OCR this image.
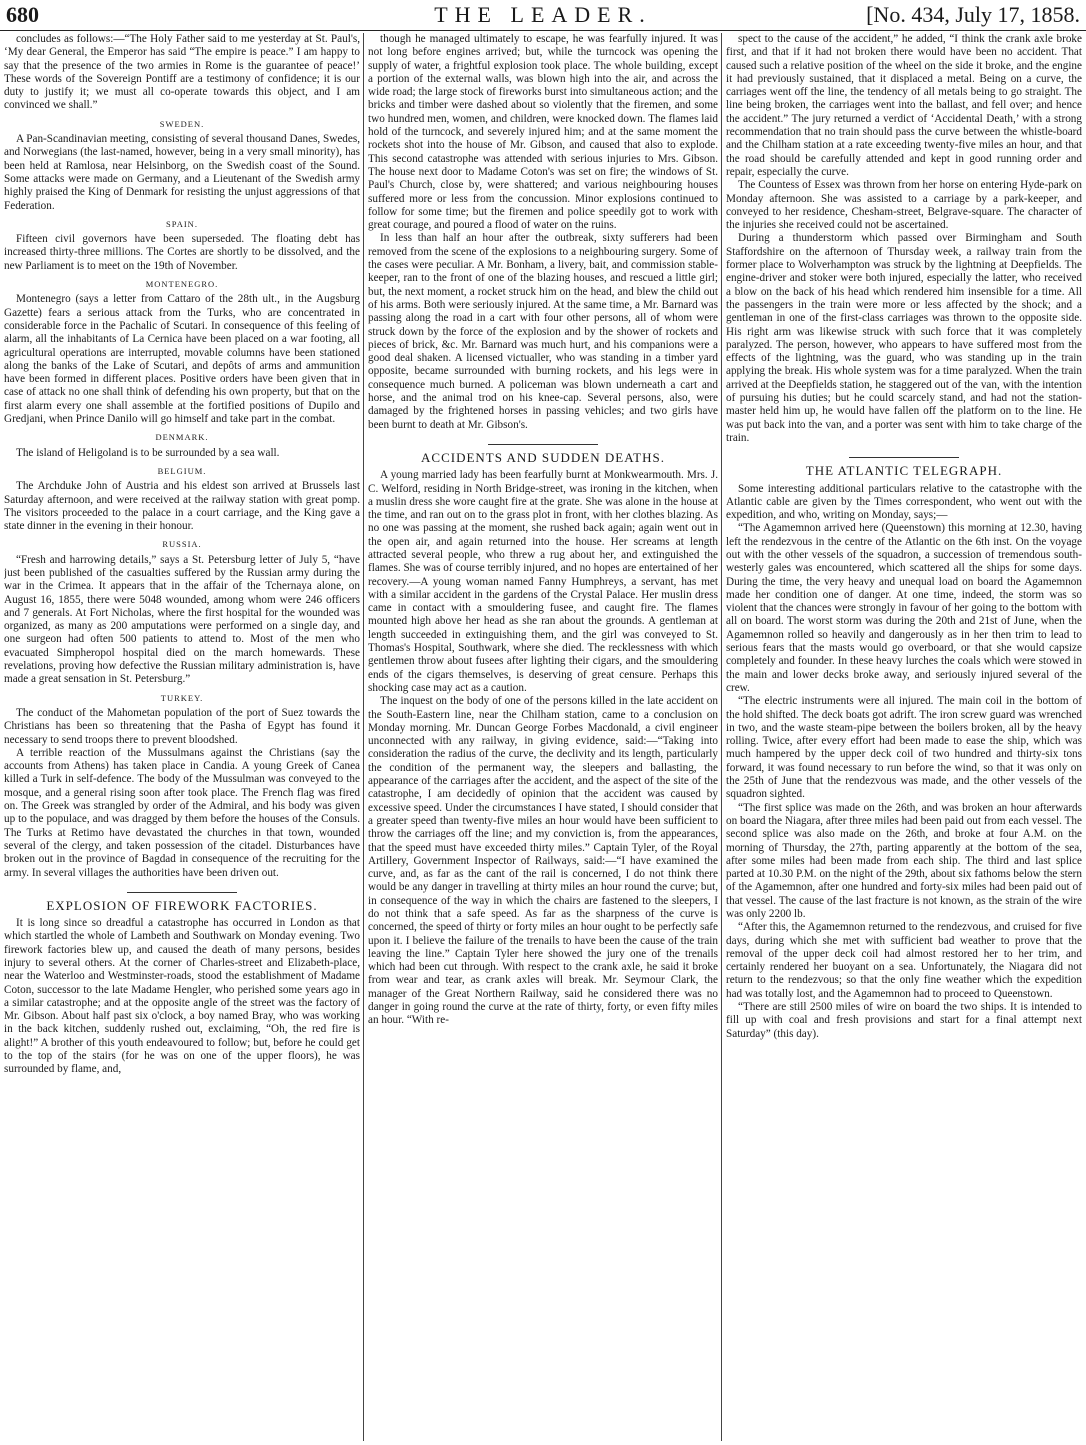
680	THE LEADER.	[No. 434, July 17, 1858.

concludes as follows:—“The Holy Father said to me yesterday at St. Paul's, ‘My dear General, the Emperor has said “The empire is peace.” I am happy to say that the presence of the two armies in Rome is the guarantee of peace!’ These words of the Sovereign Pontiff are a testimony of confidence; it is our duty to justify it; we must all co-operate towards this object, and I am convinced we shall.”

SWEDEN.

A Pan-Scandinavian meeting, consisting of several thousand Danes, Swedes, and Norwegians (the last-named, however, being in a very small minority), has been held at Ramlosa, near Helsinborg, on the Swedish coast of the Sound. Some attacks were made on Germany, and a Lieutenant of the Swedish army highly praised the King of Denmark for resisting the unjust aggressions of that Federation.

SPAIN.

Fifteen civil governors have been superseded. The floating debt has increased thirty-three millions. The Cortes are shortly to be dissolved, and the new Parliament is to meet on the 19th of November.

MONTENEGRO.

Montenegro (says a letter from Cattaro of the 28th ult., in the Augsburg Gazette) fears a serious attack from the Turks, who are concentrated in considerable force in the Pachalic of Scutari. In consequence of this feeling of alarm, all the inhabitants of La Cernica have been placed on a war footing, all agricultural operations are interrupted, movable columns have been stationed along the banks of the Lake of Scutari, and depôts of arms and ammunition have been formed in different places. Positive orders have been given that in case of attack no one shall think of defending his own property, but that on the first alarm every one shall assemble at the fortified positions of Dupilo and Gredjani, when Prince Danilo will go himself and take part in the combat.

DENMARK.

The island of Heligoland is to be surrounded by a sea wall.

BELGIUM.

The Archduke John of Austria and his eldest son arrived at Brussels last Saturday afternoon, and were received at the railway station with great pomp. The visitors proceeded to the palace in a court carriage, and the King gave a state dinner in the evening in their honour.

RUSSIA.

“Fresh and harrowing details,” says a St. Petersburg letter of July 5, “have just been published of the casualties suffered by the Russian army during the war in the Crimea. It appears that in the affair of the Tchernaya alone, on August 16, 1855, there were 5048 wounded, among whom were 246 officers and 7 generals. At Fort Nicholas, where the first hospital for the wounded was organized, as many as 200 amputations were performed on a single day, and one surgeon had often 500 patients to attend to. Most of the men who evacuated Simpheropol hospital died on the march homewards. These revelations, proving how defective the Russian military administration is, have made a great sensation in St. Petersburg.”

TURKEY.

The conduct of the Mahometan population of the port of Suez towards the Christians has been so threatening that the Pasha of Egypt has found it necessary to send troops there to prevent bloodshed.

A terrible reaction of the Mussulmans against the Christians (say the accounts from Athens) has taken place in Candia. A young Greek of Canea killed a Turk in self-defence. The body of the Mussulman was conveyed to the mosque, and a general rising soon after took place. The French flag was fired on. The Greek was strangled by order of the Admiral, and his body was given up to the populace, and was dragged by them before the houses of the Consuls. The Turks at Retimo have devastated the churches in that town, wounded several of the clergy, and taken possession of the citadel. Disturbances have broken out in the province of Bagdad in consequence of the recruiting for the army. In several villages the authorities have been driven out.

EXPLOSION OF FIREWORK FACTORIES.

It is long since so dreadful a catastrophe has occurred in London as that which startled the whole of Lambeth and Southwark on Monday evening. Two firework factories blew up, and caused the death of many persons, besides injury to several others. At the corner of Charles-street and Elizabeth-place, near the Waterloo and Westminster-roads, stood the establishment of Madame Coton, successor to the late Madame Hengler, who perished some years ago in a similar catastrophe; and at the opposite angle of the street was the factory of Mr. Gibson. About half past six o'clock, a boy named Bray, who was working in the back kitchen, suddenly rushed out, exclaiming, “Oh, the red fire is alight!” A brother of this youth endeavoured to follow; but, before he could get to the top of the stairs (for he was on one of the upper floors), he was surrounded by flame, and,

though he managed ultimately to escape, he was fearfully injured. It was not long before engines arrived; but, while the turncock was opening the supply of water, a frightful explosion took place. The whole building, except a portion of the external walls, was blown high into the air, and across the wide road; the large stock of fireworks burst into simultaneous action; and the bricks and timber were dashed about so violently that the firemen, and some two hundred men, women, and children, were knocked down. The flames laid hold of the turncock, and severely injured him; and at the same moment the rockets shot into the house of Mr. Gibson, and caused that also to explode. This second catastrophe was attended with serious injuries to Mrs. Gibson. The house next door to Madame Coton's was set on fire; the windows of St. Paul's Church, close by, were shattered; and various neighbouring houses suffered more or less from the concussion. Minor explosions continued to follow for some time; but the firemen and police speedily got to work with great courage, and poured a flood of water on the ruins.

In less than half an hour after the outbreak, sixty sufferers had been removed from the scene of the explosions to a neighbouring surgery. Some of the cases were peculiar. A Mr. Bonham, a livery, bait, and commission stable-keeper, ran to the front of one of the blazing houses, and rescued a little girl; but, the next moment, a rocket struck him on the head, and blew the child out of his arms. Both were seriously injured. At the same time, a Mr. Barnard was passing along the road in a cart with four other persons, all of whom were struck down by the force of the explosion and by the shower of rockets and pieces of brick, &c. Mr. Barnard was much hurt, and his companions were a good deal shaken. A licensed victualler, who was standing in a timber yard opposite, became surrounded with burning rockets, and his legs were in consequence much burned. A policeman was blown underneath a cart and horse, and the animal trod on his knee-cap. Several persons, also, were damaged by the frightened horses in passing vehicles; and two girls have been burnt to death at Mr. Gibson's.

ACCIDENTS AND SUDDEN DEATHS.

A young married lady has been fearfully burnt at Monkwearmouth. Mrs. J. C. Welford, residing in North Bridge-street, was ironing in the kitchen, when a muslin dress she wore caught fire at the grate. She was alone in the house at the time, and ran out on to the grass plot in front, with her clothes blazing. As no one was passing at the moment, she rushed back again; again went out in the open air, and again returned into the house. Her screams at length attracted several people, who threw a rug about her, and extinguished the flames. She was of course terribly injured, and no hopes are entertained of her recovery.—A young woman named Fanny Humphreys, a servant, has met with a similar accident in the gardens of the Crystal Palace. Her muslin dress came in contact with a smouldering fusee, and caught fire. The flames mounted high above her head as she ran about the grounds. A gentleman at length succeeded in extinguishing them, and the girl was conveyed to St. Thomas's Hospital, Southwark, where she died. The recklessness with which gentlemen throw about fusees after lighting their cigars, and the smouldering ends of the cigars themselves, is deserving of great censure. Perhaps this shocking case may act as a caution.

The inquest on the body of one of the persons killed in the late accident on the South-Eastern line, near the Chilham station, came to a conclusion on Monday morning. Mr. Duncan George Forbes Macdonald, a civil engineer unconnected with any railway, in giving evidence, said:—“Taking into consideration the radius of the curve, the declivity and its length, particularly the condition of the permanent way, the sleepers and ballasting, the appearance of the carriages after the accident, and the aspect of the site of the catastrophe, I am decidedly of opinion that the accident was caused by excessive speed. Under the circumstances I have stated, I should consider that a greater speed than twenty-five miles an hour would have been sufficient to throw the carriages off the line; and my conviction is, from the appearances, that the speed must have exceeded thirty miles.” Captain Tyler, of the Royal Artillery, Government Inspector of Railways, said:—“I have examined the curve, and, as far as the cant of the rail is concerned, I do not think there would be any danger in travelling at thirty miles an hour round the curve; but, in consequence of the way in which the chairs are fastened to the sleepers, I do not think that a safe speed. As far as the sharpness of the curve is concerned, the speed of thirty or forty miles an hour ought to be perfectly safe upon it. I believe the failure of the trenails to have been the cause of the train leaving the line.” Captain Tyler here showed the jury one of the trenails which had been cut through. With respect to the crank axle, he said it broke from wear and tear, as crank axles will break. Mr. Seymour Clark, the manager of the Great Northern Railway, said he considered there was no danger in going round the curve at the rate of thirty, forty, or even fifty miles an hour. “With re-

spect to the cause of the accident,” he added, “I think the crank axle broke first, and that if it had not broken there would have been no accident. That caused such a relative position of the wheel on the side it broke, and the engine it had previously sustained, that it displaced a metal. Being on a curve, the carriages went off the line, the tendency of all metals being to go straight. The line being broken, the carriages went into the ballast, and fell over; and hence the accident.” The jury returned a verdict of ‘Accidental Death,’ with a strong recommendation that no train should pass the curve between the whistle-board and the Chilham station at a rate exceeding twenty-five miles an hour, and that the road should be carefully attended and kept in good running order and repair, especially the curve.

The Countess of Essex was thrown from her horse on entering Hyde-park on Monday afternoon. She was assisted to a carriage by a park-keeper, and conveyed to her residence, Chesham-street, Belgrave-square. The character of the injuries she received could not be ascertained.

During a thunderstorm which passed over Birmingham and South Staffordshire on the afternoon of Thursday week, a railway train from the former place to Wolverhampton was struck by the lightning at Deepfields. The engine-driver and stoker were both injured, especially the latter, who received a blow on the back of his head which rendered him insensible for a time. All the passengers in the train were more or less affected by the shock; and a gentleman in one of the first-class carriages was thrown to the opposite side. His right arm was likewise struck with such force that it was completely paralyzed. The person, however, who appears to have suffered most from the effects of the lightning, was the guard, who was standing up in the train applying the break. His whole system was for a time paralyzed. When the train arrived at the Deepfields station, he staggered out of the van, with the intention of pursuing his duties; but he could scarcely stand, and had not the station-master held him up, he would have fallen off the platform on to the line. He was put back into the van, and a porter was sent with him to take charge of the train.

THE ATLANTIC TELEGRAPH.

Some interesting additional particulars relative to the catastrophe with the Atlantic cable are given by the Times correspondent, who went out with the expedition, and who, writing on Monday, says;—

“The Agamemnon arrived here (Queenstown) this morning at 12.30, having left the rendezvous in the centre of the Atlantic on the 6th inst. On the voyage out with the other vessels of the squadron, a succession of tremendous south-westerly gales was encountered, which scattered all the ships for some days. During the time, the very heavy and unequal load on board the Agamemnon made her condition one of danger. At one time, indeed, the storm was so violent that the chances were strongly in favour of her going to the bottom with all on board. The worst storm was during the 20th and 21st of June, when the Agamemnon rolled so heavily and dangerously as in her then trim to lead to serious fears that the masts would go overboard, or that she would capsize completely and founder. In these heavy lurches the coals which were stowed in the main and lower decks broke away, and seriously injured several of the crew.

“The electric instruments were all injured. The main coil in the bottom of the hold shifted. The deck boats got adrift. The iron screw guard was wrenched in two, and the waste steam-pipe between the boilers broken, all by the heavy rolling. Twice, after every effort had been made to ease the ship, which was much hampered by the upper deck coil of two hundred and thirty-six tons forward, it was found necessary to run before the wind, so that it was only on the 25th of June that the rendezvous was made, and the other vessels of the squadron sighted.

“The first splice was made on the 26th, and was broken an hour afterwards on board the Niagara, after three miles had been paid out from each vessel. The second splice was also made on the 26th, and broke at four A.M. on the morning of Thursday, the 27th, parting apparently at the bottom of the sea, after some miles had been made from each ship. The third and last splice parted at 10.30 P.M. on the night of the 29th, about six fathoms below the stern of the Agamemnon, after one hundred and forty-six miles had been paid out of that vessel. The cause of the last fracture is not known, as the strain of the wire was only 2200 lb.

“After this, the Agamemnon returned to the rendezvous, and cruised for five days, during which she met with sufficient bad weather to prove that the removal of the upper deck coil had almost restored her to her trim, and certainly rendered her buoyant on a sea. Unfortunately, the Niagara did not return to the rendezvous; so that the only fine weather which the expedition had was totally lost, and the Agamemnon had to proceed to Queenstown.

“There are still 2500 miles of wire on board the two ships. It is intended to fill up with coal and fresh provisions and start for a final attempt next Saturday” (this day).
